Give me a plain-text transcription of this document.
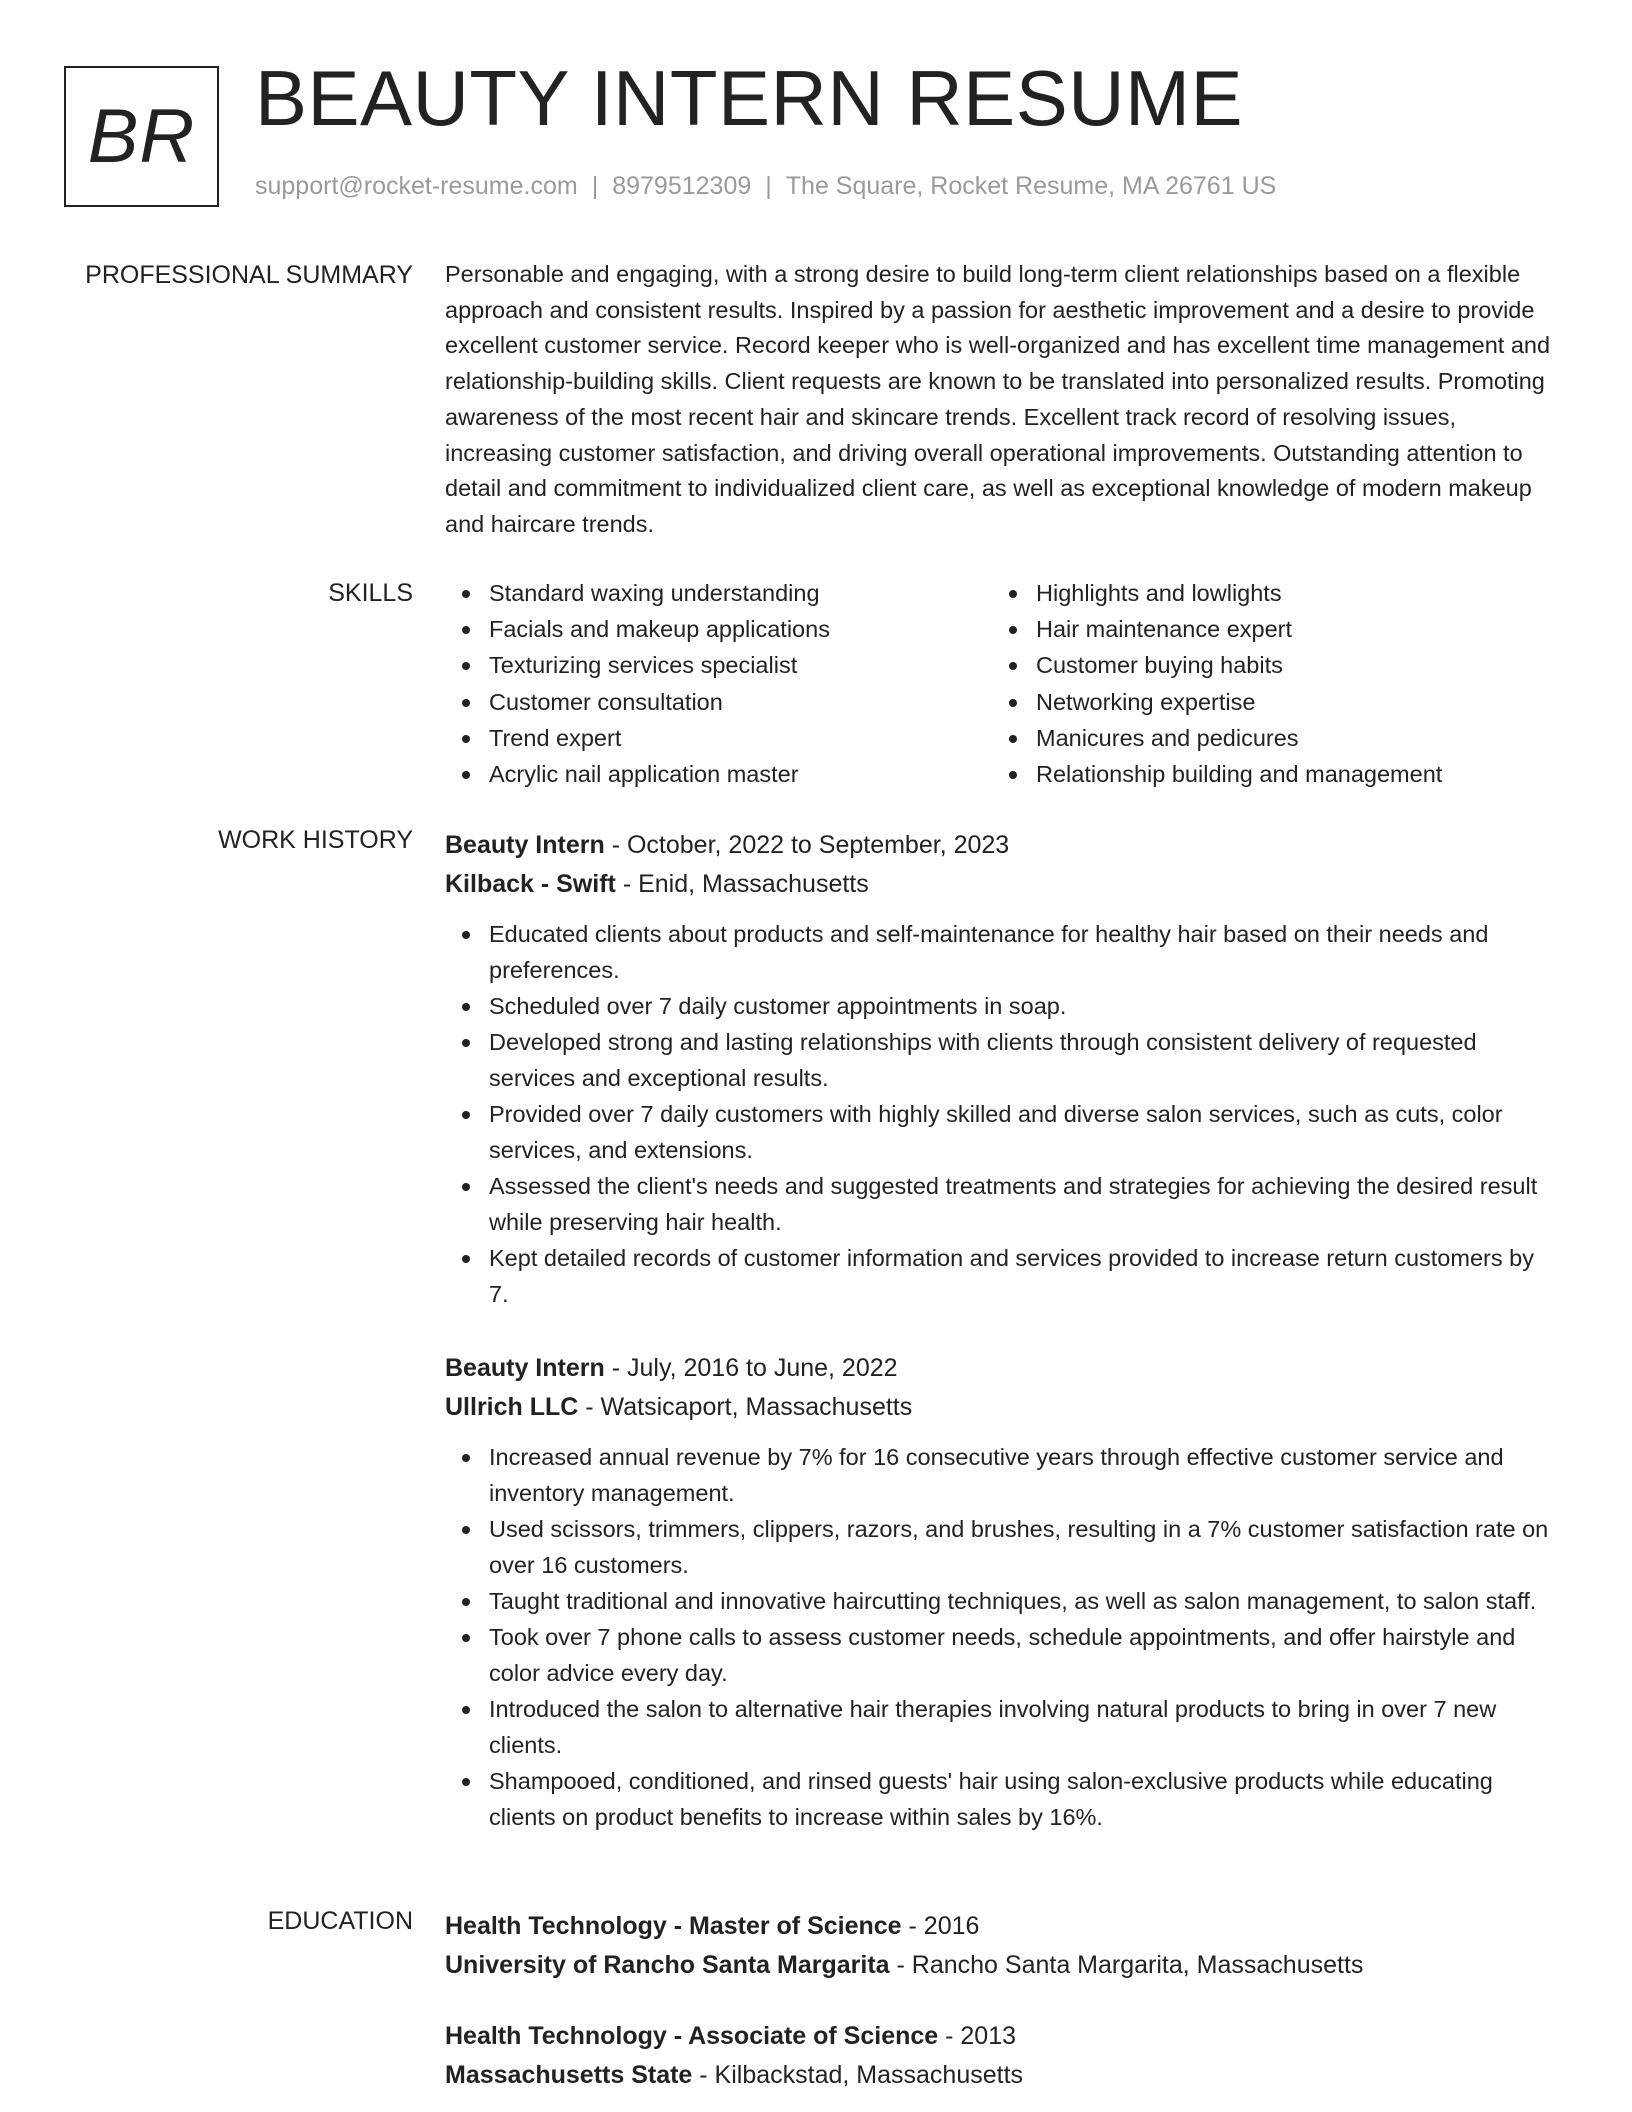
BR BEAUTY INTERN RESUME
support@rocket-resume.com | 8979512309 | The Square, Rocket Resume, MA 26761 US
PROFESSIONAL SUMMARY Personable and engaging, with a strong desire to build long-term client relationships based on a flexible approach and consistent results. Inspired by a passion for aesthetic improvement and a desire to provide excellent customer service. Record keeper who is well-organized and has excellent time management and relationship-building skills. Client requests are known to be translated into personalized results. Promoting awareness of the most recent hair and skincare trends. Excellent track record of resolving issues, increasing customer satisfaction, and driving overall operational improvements. Outstanding attention to detail and commitment to individualized client care, as well as exceptional knowledge of modern makeup and haircare trends.

SKILLS	Standard waxing understanding
Facials and makeup applications
Texturizing services specialist
Customer consultation
Trend expert
Acrylic nail application master
Highlights and lowlights
Hair maintenance expert
Customer buying habits
Networking expertise
Manicures and pedicures
Relationship building and management
WORK HISTORY Beauty Intern - October, 2022 to September, 2023

Kilback - Swift - Enid, Massachusetts

Educated clients about products and self-maintenance for healthy hair based on their needs and preferences.
Scheduled over 7 daily customer appointments in soap.
Developed strong and lasting relationships with clients through consistent delivery of requested services and exceptional results.
Provided over 7 daily customers with highly skilled and diverse salon services, such as cuts, color services, and extensions.
Assessed the client's needs and suggested treatments and strategies for achieving the desired result while preserving hair health.
Kept detailed records of customer information and services provided to increase return customers by 7.

Beauty Intern - July, 2016 to June, 2022

Ullrich LLC - Watsicaport, Massachusetts

Increased annual revenue by 7% for 16 consecutive years through effective customer service and inventory management.
Used scissors, trimmers, clippers, razors, and brushes, resulting in a 7% customer satisfaction rate on over 16 customers.
Taught traditional and innovative haircutting techniques, as well as salon management, to salon staff.
Took over 7 phone calls to assess customer needs, schedule appointments, and offer hairstyle and color advice every day.
Introduced the salon to alternative hair therapies involving natural products to bring in over 7 new clients.
Shampooed, conditioned, and rinsed guests' hair using salon-exclusive products while educating clients on product benefits to increase within sales by 16%.
EDUCATION Health Technology - Master of Science - 2016

University of Rancho Santa Margarita - Rancho Santa Margarita, Massachusetts

Health Technology - Associate of Science - 2013

Massachusetts State - Kilbackstad, Massachusetts
